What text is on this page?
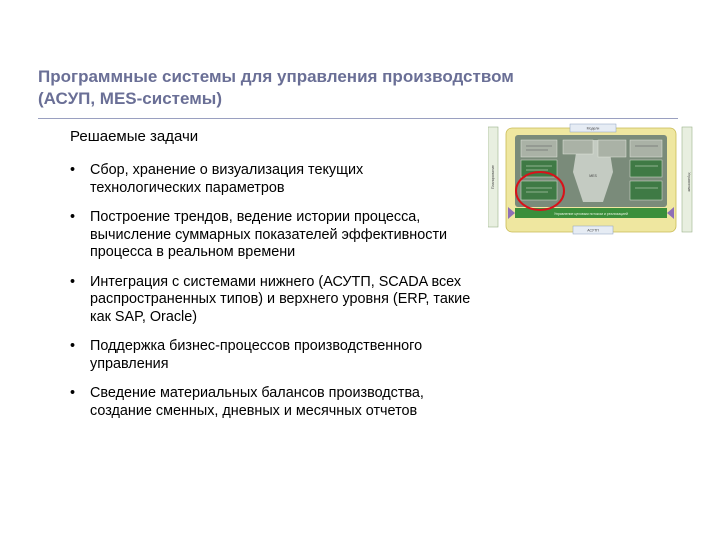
Программные системы для управления производством
(АСУП, MES-системы)
Решаемые задачи
• Сбор, хранение о визуализация текущих
технологических параметров
• Построение трендов, ведение истории процесса,
вычисление суммарных показателей эффективности
процесса в реальном времени
• Интеграция с системами нижнего (АСУТП, SCADA всех
распространенных типов) и верхнего уровня (ERP, такие
как SAP, Oracle)
• Поддержка бизнес-процессов производственного
управления
• Сведение материальных балансов производства,
создание сменных, дневных и месячных отчетов
Планирование	Управление
Модели
MES
Управление цеховым потоком и реализацией
АСУТП
